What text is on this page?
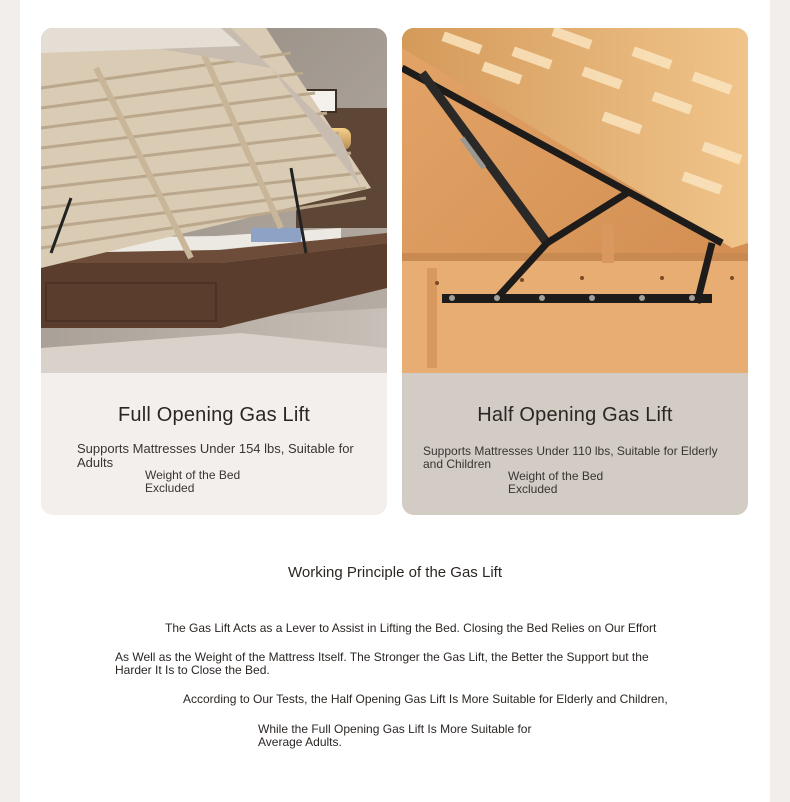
Full Opening Gas Lift
Supports Mattresses Under 154 lbs, Suitable for Adults
Weight of the Bed Excluded
Half Opening Gas Lift
Supports Mattresses Under 110 lbs, Suitable for Elderly and Children
Weight of the Bed Excluded
Working Principle of the Gas Lift
The Gas Lift Acts as a Lever to Assist in Lifting the Bed. Closing the Bed Relies on Our Effort
As Well as the Weight of the Mattress Itself. The Stronger the Gas Lift, the Better the Support but the Harder It Is to Close the Bed.
According to Our Tests, the Half Opening Gas Lift Is More Suitable for Elderly and Children,
While the Full Opening Gas Lift Is More Suitable for Average Adults.
